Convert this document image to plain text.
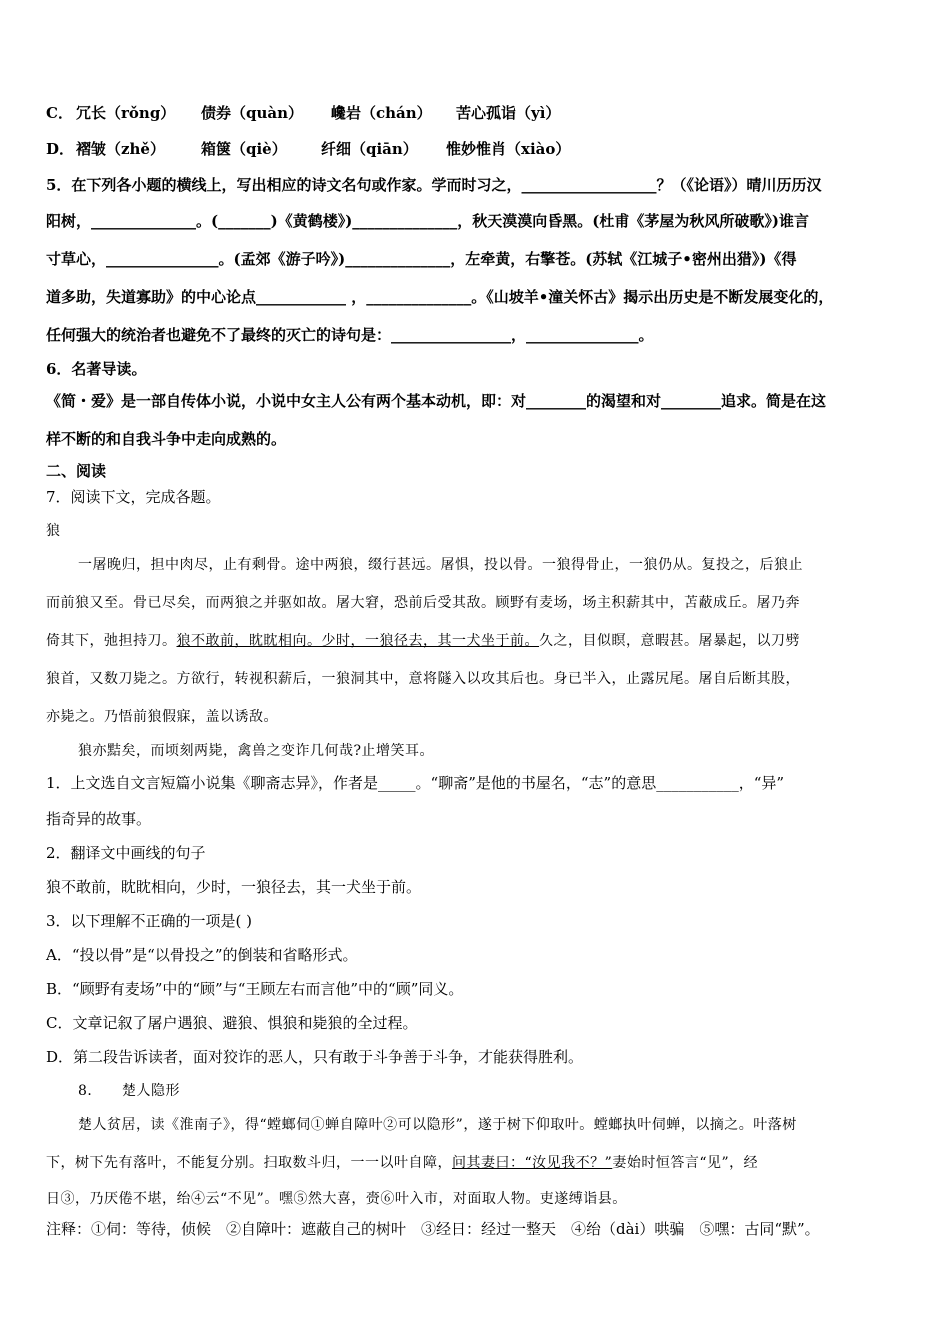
C． 冗长（rǒng） 债券（quàn） 巉岩（chán） 苦心孤诣（yì）
D． 褶皱（zhě） 箱箧（qiè） 纤细（qiān） 惟妙惟肖（xiào）
5．在下列各小题的横线上，写出相应的诗文名句或作家。学而时习之，__________________？（《论语》）晴川历历汉
阳树，______________。(_______)《黄鹤楼》)______________，秋天漠漠向昏黑。(杜甫《茅屋为秋风所破歌》)谁言
寸草心，_______________。(孟郊《游子吟》)______________，左牵黄，右擎苍。(苏轼《江城子•密州出猎》)《得
道多助，失道寡助》的中心论点____________ ，______________。《山坡羊•潼关怀古》揭示出历史是不断发展变化的，
任何强大的统治者也避免不了最终的灭亡的诗句是：________________，_______________。
6．名著导读。
《简・爱》是一部自传体小说，小说中女主人公有两个基本动机，即：对________的渴望和对________追求。简是在这
样不断的和自我斗争中走向成熟的。
二、阅读
7．阅读下文，完成各题。
狼
一屠晚归，担中肉尽，止有剩骨。途中两狼，缀行甚远。屠惧，投以骨。一狼得骨止，一狼仍从。复投之，后狼止
而前狼又至。骨已尽矣，而两狼之并驱如故。屠大窘，恐前后受其敌。顾野有麦场，场主积薪其中，苫蔽成丘。屠乃奔
倚其下，弛担持刀。狼不敢前，眈眈相向。少时，一狼径去，其一犬坐于前。久之，目似瞑，意暇甚。屠暴起，以刀劈
狼首，又数刀毙之。方欲行，转视积薪后，一狼洞其中，意将隧入以攻其后也。身已半入，止露尻尾。屠自后断其股，
亦毙之。乃悟前狼假寐，盖以诱敌。
狼亦黠矣，而顷刻两毙，禽兽之变诈几何哉?止增笑耳。
1．上文选自文言短篇小说集《聊斋志异》，作者是_____。“聊斋”是他的书屋名，“志”的意思___________，“异”
指奇异的故事。
2．翻译文中画线的句子
狼不敢前，眈眈相向，少时，一狼径去，其一犬坐于前。
3．以下理解不正确的一项是( )
A．“投以骨”是“以骨投之”的倒装和省略形式。
B．“顾野有麦场”中的“顾”与“王顾左右而言他”中的“顾”同义。
C．文章记叙了屠户遇狼、避狼、惧狼和毙狼的全过程。
D．第二段告诉读者，面对狡诈的恶人，只有敢于斗争善于斗争，才能获得胜利。
8． 楚人隐形
楚人贫居，读《淮南子》，得“螳螂伺①蝉自障叶②可以隐形”，遂于树下仰取叶。螳螂执叶伺蝉，以摘之。叶落树
下，树下先有落叶，不能复分别。扫取数斗归，一一以叶自障，问其妻曰：“汝见我不？”妻始时恒答言“见”，经
日③，乃厌倦不堪，绐④云“不见”。嘿⑤然大喜，赍⑥叶入市，对面取人物。吏遂缚诣县。
注释：①伺：等待，侦候　②自障叶：遮蔽自己的树叶　③经日：经过一整天　④绐（dài）哄骗　⑤嘿：古同“默”。
